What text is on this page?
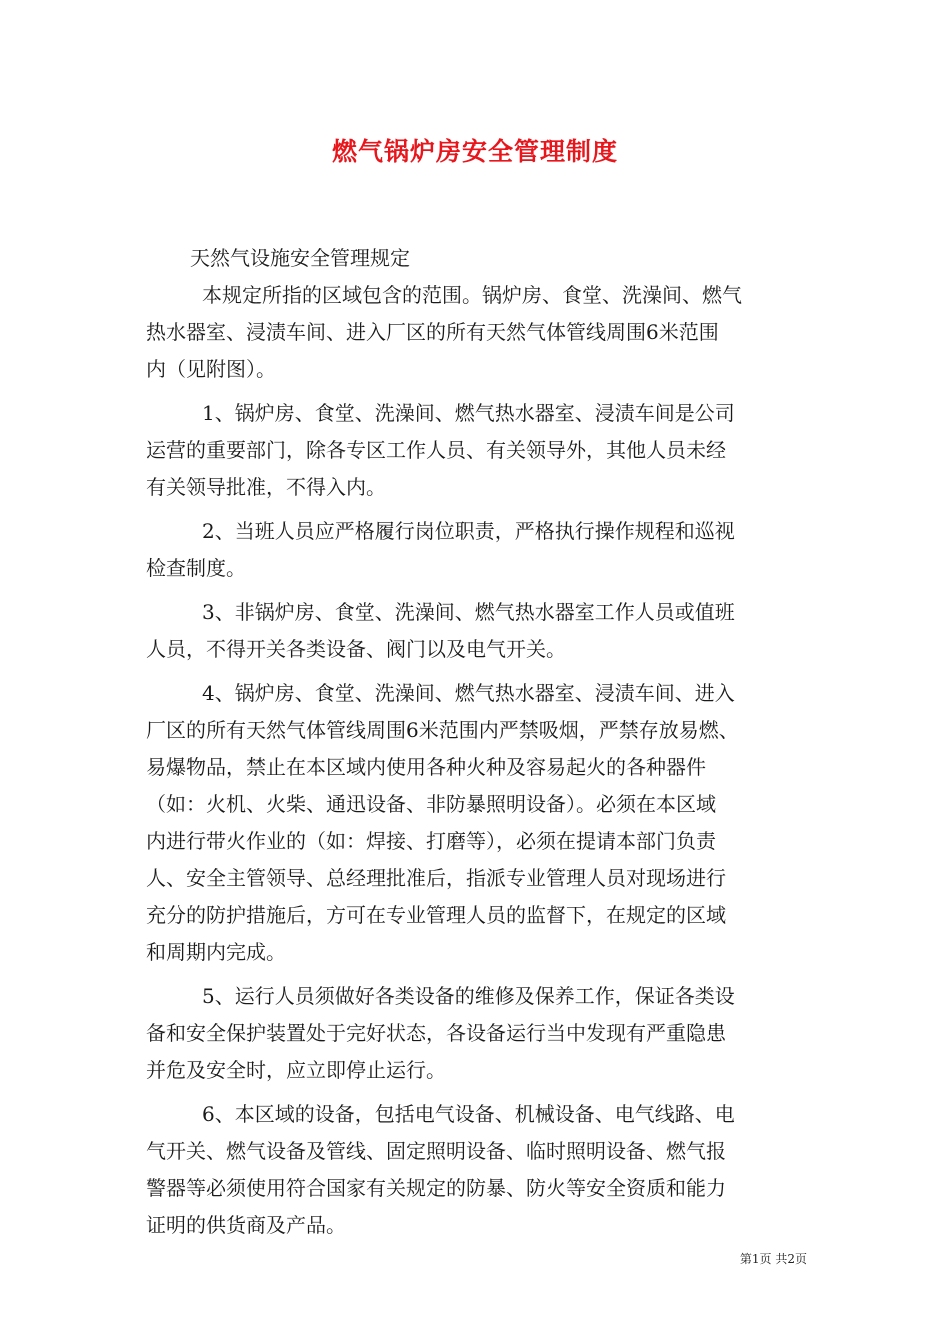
燃气锅炉房安全管理制度
天然气设施安全管理规定
本规定所指的区域包含的范围。锅炉房、食堂、洗澡间、燃气
热水器室、浸渍车间、进入厂区的所有天然气体管线周围6米范围
内（见附图）。
1、锅炉房、食堂、洗澡间、燃气热水器室、浸渍车间是公司
运营的重要部门，除各专区工作人员、有关领导外，其他人员未经
有关领导批准，不得入内。
2、当班人员应严格履行岗位职责，严格执行操作规程和巡视
检查制度。
3、非锅炉房、食堂、洗澡间、燃气热水器室工作人员或值班
人员，不得开关各类设备、阀门以及电气开关。
4、锅炉房、食堂、洗澡间、燃气热水器室、浸渍车间、进入
厂区的所有天然气体管线周围6米范围内严禁吸烟，严禁存放易燃、
易爆物品，禁止在本区域内使用各种火种及容易起火的各种器件
（如：火机、火柴、通迅设备、非防暴照明设备）。必须在本区域
内进行带火作业的（如：焊接、打磨等），必须在提请本部门负责
人、安全主管领导、总经理批准后，指派专业管理人员对现场进行
充分的防护措施后，方可在专业管理人员的监督下，在规定的区域
和周期内完成。
5、运行人员须做好各类设备的维修及保养工作，保证各类设
备和安全保护装置处于完好状态，各设备运行当中发现有严重隐患
并危及安全时，应立即停止运行。
6、本区域的设备，包括电气设备、机械设备、电气线路、电
气开关、燃气设备及管线、固定照明设备、临时照明设备、燃气报
警器等必须使用符合国家有关规定的防暴、防火等安全资质和能力
证明的供货商及产品。
第1页 共2页
